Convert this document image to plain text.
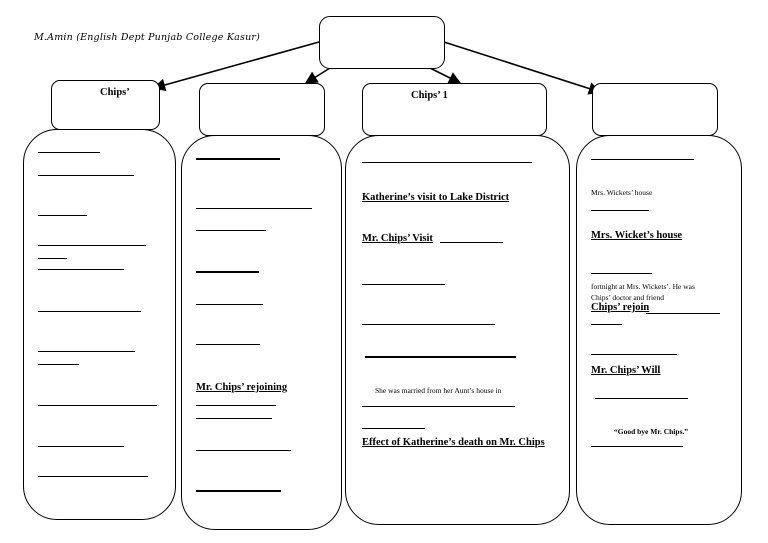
M.Amin (English Dept Punjab College Kasur)
Chips’	Chips’ 1
Mr. Chips’ rejoining
Katherine’s visit to Lake District
Mr. Chips’ Visit
She was married from her Aunt’s house in
Effect of Katherine’s death on Mr. Chips
Mrs. Wickets’ house
Mrs. Wicket’s house
fortnight at Mrs. Wickets’. He was
Chips’ doctor and friend
Chips’ rejoin
Mr. Chips’ Will
“Good bye Mr. Chips.”
